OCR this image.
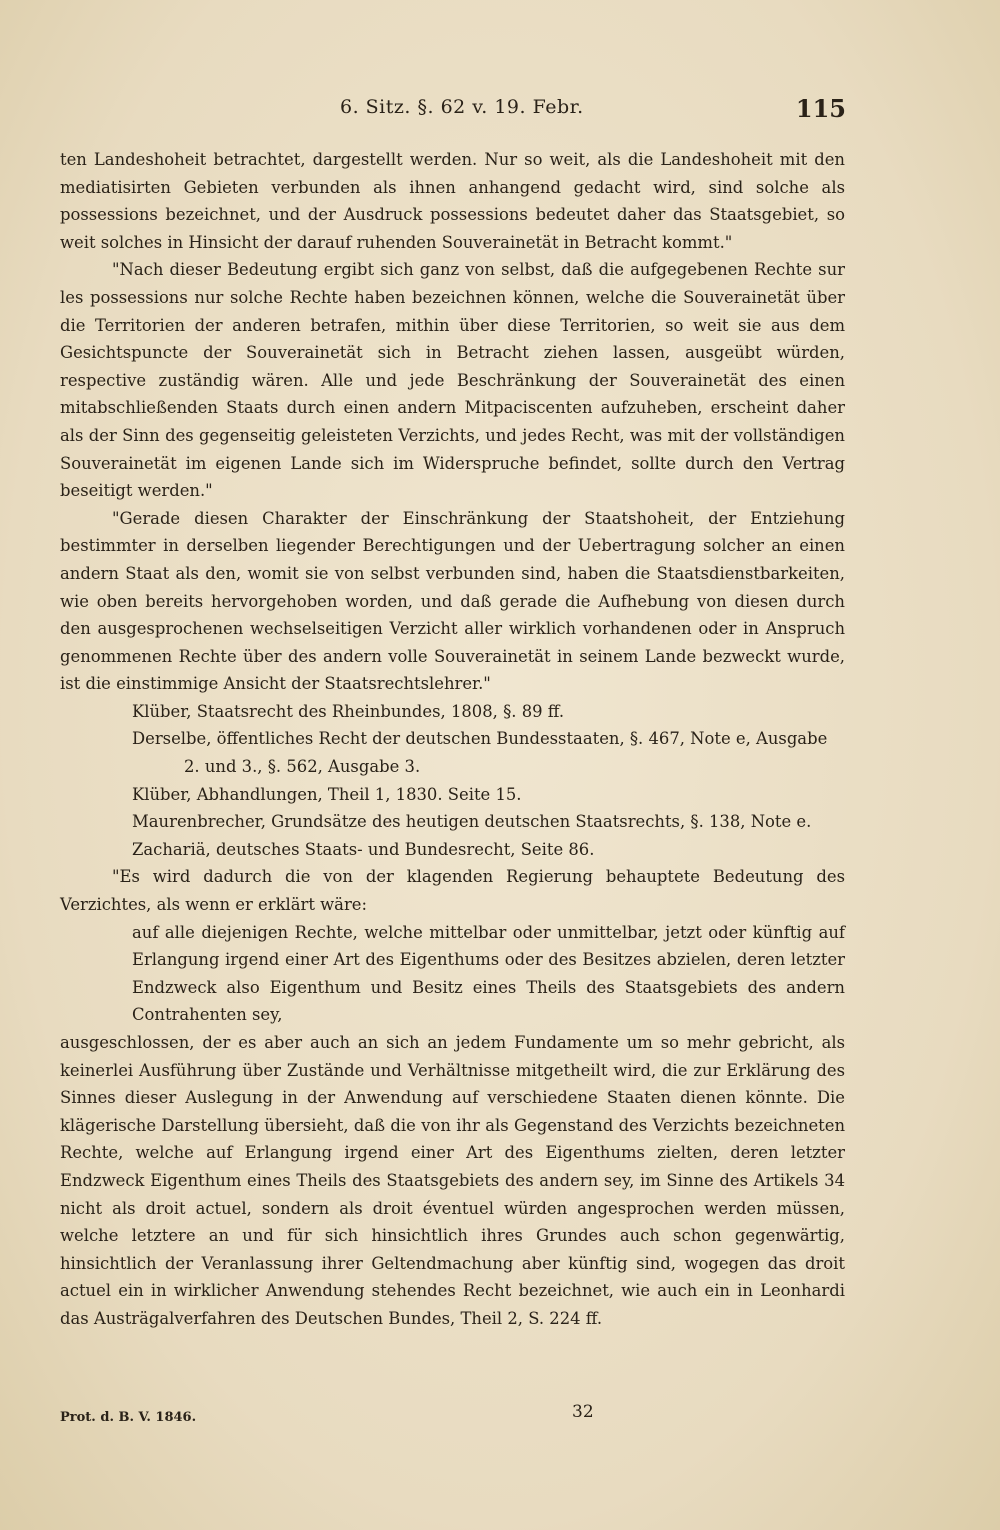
6. Sitz. §. 62 v. 19. Febr.	115

ten Landeshoheit betrachtet, dargestellt werden. Nur so weit, als die Landeshoheit mit den mediatisirten Gebieten verbunden als ihnen anhangend gedacht wird, sind solche als possessions bezeichnet, und der Ausdruck possessions bedeutet daher das Staatsgebiet, so weit solches in Hinsicht der darauf ruhenden Souverainetät in Betracht kommt."

"Nach dieser Bedeutung ergibt sich ganz von selbst, daß die aufgegebenen Rechte sur les possessions nur solche Rechte haben bezeichnen können, welche die Souverainetät über die Territorien der anderen betrafen, mithin über diese Territorien, so weit sie aus dem Gesichtspuncte der Souverainetät sich in Betracht ziehen lassen, ausgeübt würden, respective zuständig wären. Alle und jede Beschränkung der Souverainetät des einen mitabschließenden Staats durch einen andern Mitpaciscenten aufzuheben, erscheint daher als der Sinn des gegenseitig geleisteten Verzichts, und jedes Recht, was mit der vollständigen Souverainetät im eigenen Lande sich im Widerspruche befindet, sollte durch den Vertrag beseitigt werden."

"Gerade diesen Charakter der Einschränkung der Staatshoheit, der Entziehung bestimmter in derselben liegender Berechtigungen und der Uebertragung solcher an einen andern Staat als den, womit sie von selbst verbunden sind, haben die Staatsdienstbarkeiten, wie oben bereits hervorgehoben worden, und daß gerade die Aufhebung von diesen durch den ausgesprochenen wechselseitigen Verzicht aller wirklich vorhandenen oder in Anspruch genommenen Rechte über des andern volle Souverainetät in seinem Lande bezweckt wurde, ist die einstimmige Ansicht der Staatsrechtslehrer."

Klüber, Staatsrecht des Rheinbundes, 1808, §. 89 ff.
Derselbe, öffentliches Recht der deutschen Bundesstaaten, §. 467, Note e, Ausgabe 2. und 3., §. 562, Ausgabe 3.
Klüber, Abhandlungen, Theil 1, 1830. Seite 15.
Maurenbrecher, Grundsätze des heutigen deutschen Staatsrechts, §. 138, Note e.
Zachariä, deutsches Staats- und Bundesrecht, Seite 86.

"Es wird dadurch die von der klagenden Regierung behauptete Bedeutung des Verzichtes, als wenn er erklärt wäre:

auf alle diejenigen Rechte, welche mittelbar oder unmittelbar, jetzt oder künftig auf Erlangung irgend einer Art des Eigenthums oder des Besitzes abzielen, deren letzter Endzweck also Eigenthum und Besitz eines Theils des Staatsgebiets des andern Contrahenten sey,

ausgeschlossen, der es aber auch an sich an jedem Fundamente um so mehr gebricht, als keinerlei Ausführung über Zustände und Verhältnisse mitgetheilt wird, die zur Erklärung des Sinnes dieser Auslegung in der Anwendung auf verschiedene Staaten dienen könnte. Die klägerische Darstellung übersieht, daß die von ihr als Gegenstand des Verzichts bezeichneten Rechte, welche auf Erlangung irgend einer Art des Eigenthums zielten, deren letzter Endzweck Eigenthum eines Theils des Staatsgebiets des andern sey, im Sinne des Artikels 34 nicht als droit actuel, sondern als droit éventuel würden angesprochen werden müssen, welche letztere an und für sich hinsichtlich ihres Grundes auch schon gegenwärtig, hinsichtlich der Veranlassung ihrer Geltendmachung aber künftig sind, wogegen das droit actuel ein in wirklicher Anwendung stehendes Recht bezeichnet, wie auch ein in Leonhardi das Austrägalverfahren des Deutschen Bundes, Theil 2, S. 224 ff.

Prot. d. B. V. 1846.	32
